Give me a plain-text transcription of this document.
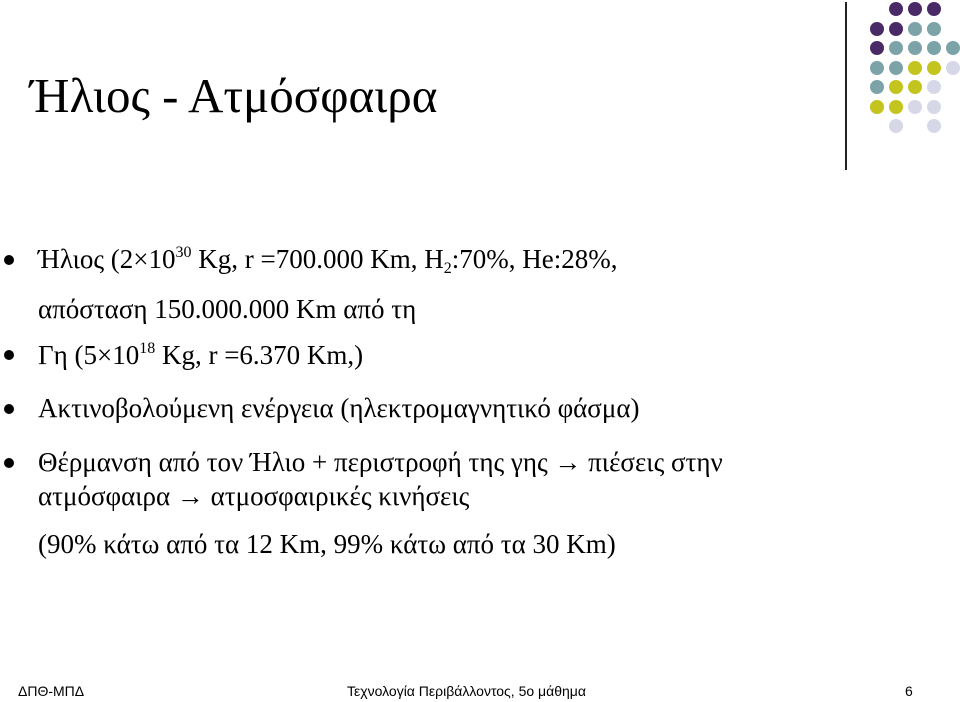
Ήλιος - Ατμόσφαιρα
Ήλιος ($2\times 10^{30}$ Kg, r =700.000 Km, $H_2:70\%$, He:28%,
απόσταση 150.000.000 Km από τη
Γη ($5\times 10^{18}$ Kg, r =6.370 Km,)
Ακτινοβολούμενη ενέργεια (ηλεκτρομαγνητικό φάσμα)
Θέρμανση από τον Ήλιο + περιστροφή της γης → πιέσεις στην
ατμόσφαιρα → ατμοσφαιρικές κινήσεις
(90% κάτω από τα 12 Km, 99% κάτω από τα 30 Km)
ΔΠΘ-ΜΠΔ	Τεχνολογία Περιβάλλοντος, 5ο μάθημα	6
